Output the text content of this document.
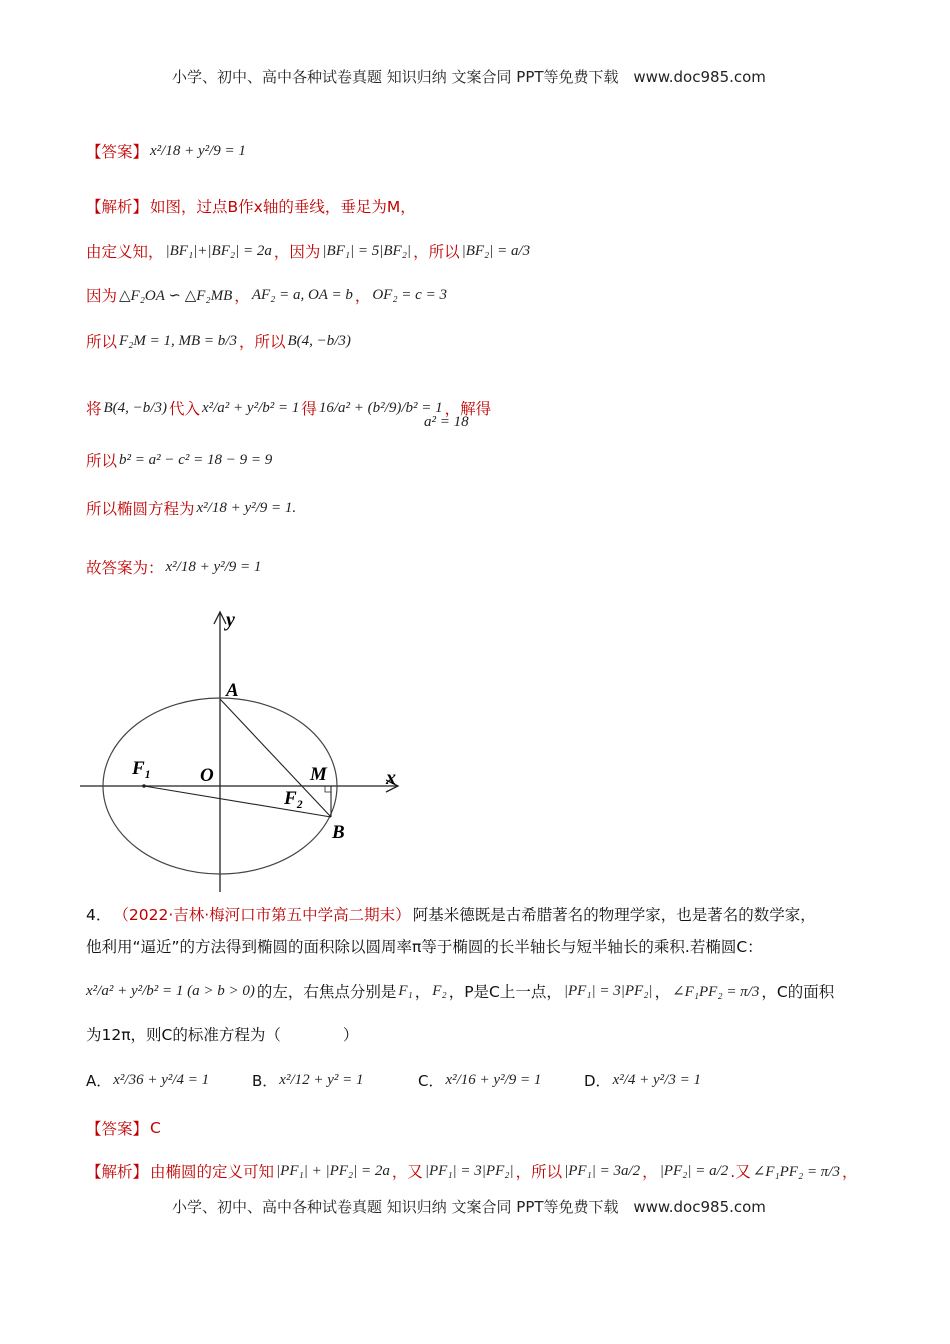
小学、初中、高中各种试卷真题 知识归纳 文案合同 PPT等免费下载 www.doc985.com
【答案】 x²/18 + y²/9 = 1
【解析】 如图，过点B作x轴的垂线，垂足为M，
由定义知， |BF₁|+|BF₂| = 2a ，因为 |BF₁| = 5|BF₂| ，所以 |BF₂| = a/3
因为 △F₂OA ∽ △F₂MB ， AF₂ = a, OA = b ， OF₂ = c = 3
所以 F₂M = 1, MB = b/3 ，所以 B(4, −b/3)
将 B(4, −b/3) 代入 x²/a² + y²/b² = 1 得 16/a² + (b²/9)/b² = 1 ，解得
a² = 18
所以 b² = a² − c² = 18 − 9 = 9
所以椭圆方程为 x²/18 + y²/9 = 1.
故答案为： x²/18 + y²/9 = 1
y
x
A
O	M
F₁
F₂
B
4． （2022·吉林·梅河口市第五中学高二期末） 阿基米德既是古希腊著名的物理学家，也是著名的数学家，
他利用“逼近”的方法得到椭圆的面积除以圆周率π等于椭圆的长半轴长与短半轴长的乘积.若椭圆C：
x²/a² + y²/b² = 1 (a > b > 0) 的左，右焦点分别是 F₁ ， F₂ ，P是C上一点， |PF₁| = 3|PF₂| ， ∠F₁PF₂ = π/3 ，C的面积
为12π，则C的标准方程为（　　　　）
A． x²/36 + y²/4 = 1	B． x²/12 + y² = 1	C． x²/16 + y²/9 = 1	D． x²/4 + y²/3 = 1
【答案】 C
【解析】 由椭圆的定义可知 |PF₁| + |PF₂| = 2a ，又 |PF₁| = 3|PF₂| ，所以 |PF₁| = 3a/2 ， |PF₂| = a/2 .又 ∠F₁PF₂ = π/3 ，
小学、初中、高中各种试卷真题 知识归纳 文案合同 PPT等免费下载 www.doc985.com
